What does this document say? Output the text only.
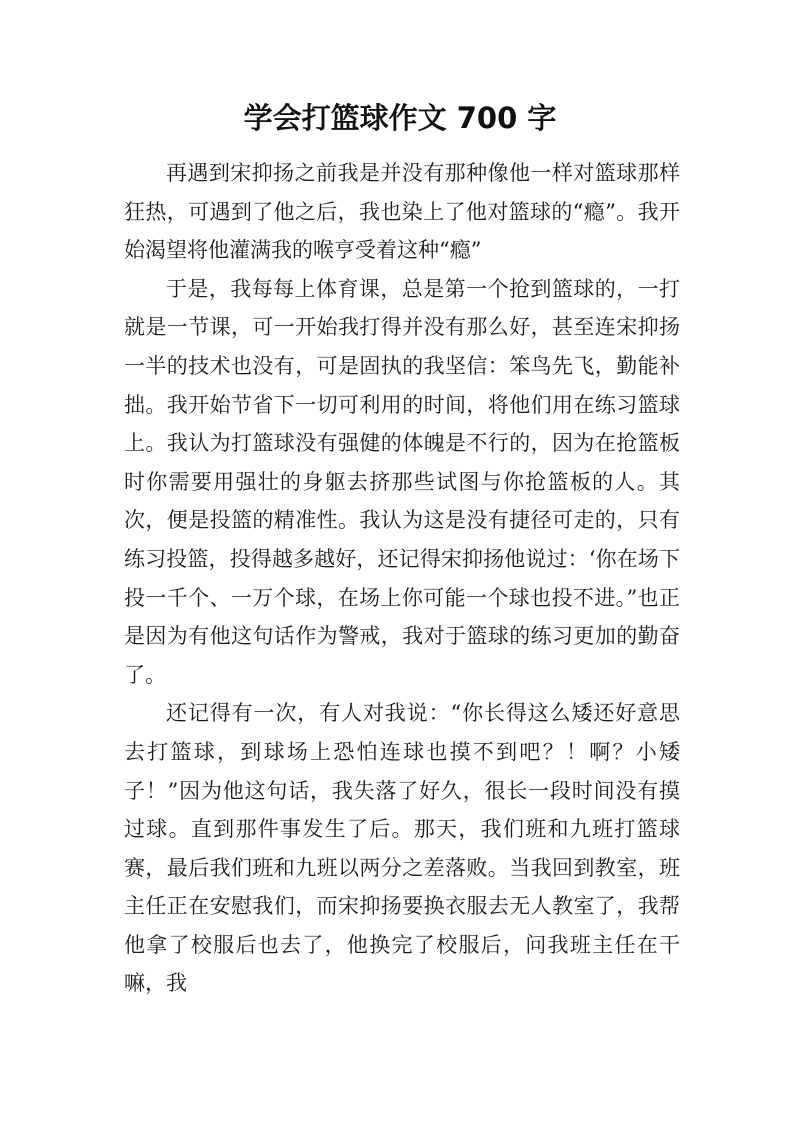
学会打篮球作文 700 字

再遇到宋抑扬之前我是并没有那种像他一样对篮球那样狂热，可遇到了他之后，我也染上了他对篮球的“瘾”。我开始渴望将他灌满我的喉亨受着这种“瘾”

于是，我每每上体育课，总是第一个抢到篮球的，一打就是一节课，可一开始我打得并没有那么好，甚至连宋抑扬一半的技术也没有，可是固执的我坚信：笨鸟先飞，勤能补拙。我开始节省下一切可利用的时间，将他们用在练习篮球上。我认为打篮球没有强健的体魄是不行的，因为在抢篮板时你需要用强壮的身躯去挤那些试图与你抢篮板的人。其次，便是投篮的精准性。我认为这是没有捷径可走的，只有练习投篮，投得越多越好，还记得宋抑扬他说过：‘你在场下投一千个、一万个球，在场上你可能一个球也投不进。”也正是因为有他这句话作为警戒，我对于篮球的练习更加的勤奋了。

还记得有一次，有人对我说：“你长得这么矮还好意思去打篮球，到球场上恐怕连球也摸不到吧？！啊？小矮子！”因为他这句话，我失落了好久，很长一段时间没有摸过球。直到那件事发生了后。那天，我们班和九班打篮球赛，最后我们班和九班以两分之差落败。当我回到教室，班主任正在安慰我们，而宋抑扬要换衣服去无人教室了，我帮他拿了校服后也去了，他换完了校服后，问我班主任在干嘛，我
